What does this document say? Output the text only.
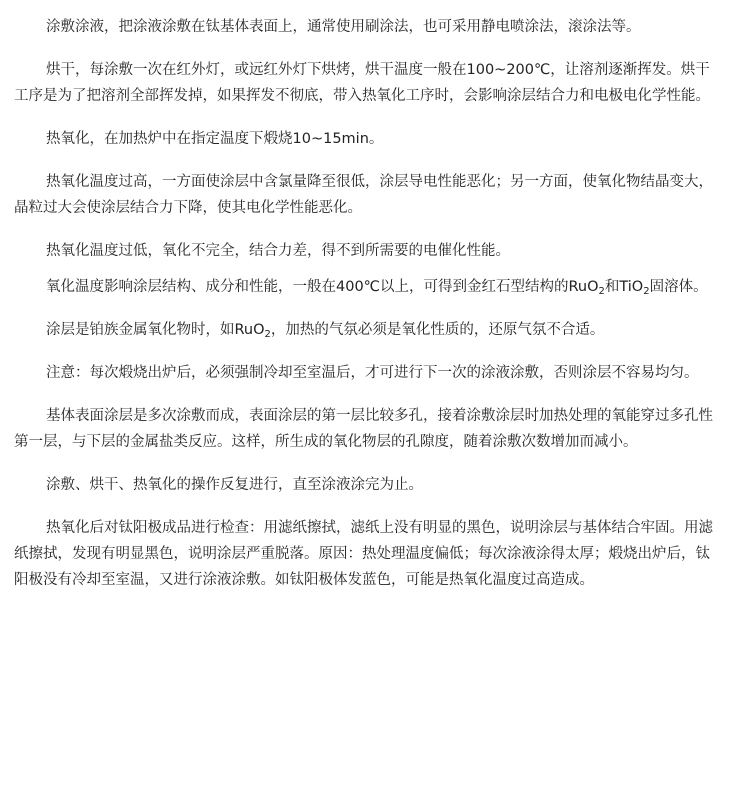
涂敷涂液，把涂液涂敷在钛基体表面上，通常使用刷涂法，也可采用静电喷涂法，滚涂法等。

烘干，每涂敷一次在红外灯，或远红外灯下烘烤，烘干温度一般在100~200℃，让溶剂逐渐挥发。烘干工序是为了把溶剂全部挥发掉，如果挥发不彻底，带入热氧化工序时，会影响涂层结合力和电极电化学性能。

热氧化，在加热炉中在指定温度下煅烧10~15min。

热氧化温度过高，一方面使涂层中含氯量降至很低，涂层导电性能恶化；另一方面，使氧化物结晶变大，晶粒过大会使涂层结合力下降，使其电化学性能恶化。

热氧化温度过低，氧化不完全，结合力差，得不到所需要的电催化性能。

氧化温度影响涂层结构、成分和性能，一般在400℃以上，可得到金红石型结构的RuO$_2$和TiO$_2$固溶体。

涂层是铂族金属氧化物时，如RuO$_2$，加热的气氛必须是氧化性质的，还原气氛不合适。

注意：每次煅烧出炉后，必须强制冷却至室温后，才可进行下一次的涂液涂敷，否则涂层不容易均匀。

基体表面涂层是多次涂敷而成，表面涂层的第一层比较多孔，接着涂敷涂层时加热处理的氧能穿过多孔性第一层，与下层的金属盐类反应。这样，所生成的氧化物层的孔隙度，随着涂敷次数增加而减小。

涂敷、烘干、热氧化的操作反复进行，直至涂液涂完为止。

热氧化后对钛阳极成品进行检查：用滤纸擦拭，滤纸上没有明显的黑色，说明涂层与基体结合牢固。用滤纸擦拭，发现有明显黑色，说明涂层严重脱落。原因：热处理温度偏低；每次涂液涂得太厚；煅烧出炉后，钛阳极没有冷却至室温，又进行涂液涂敷。如钛阳极体发蓝色，可能是热氧化温度过高造成。
